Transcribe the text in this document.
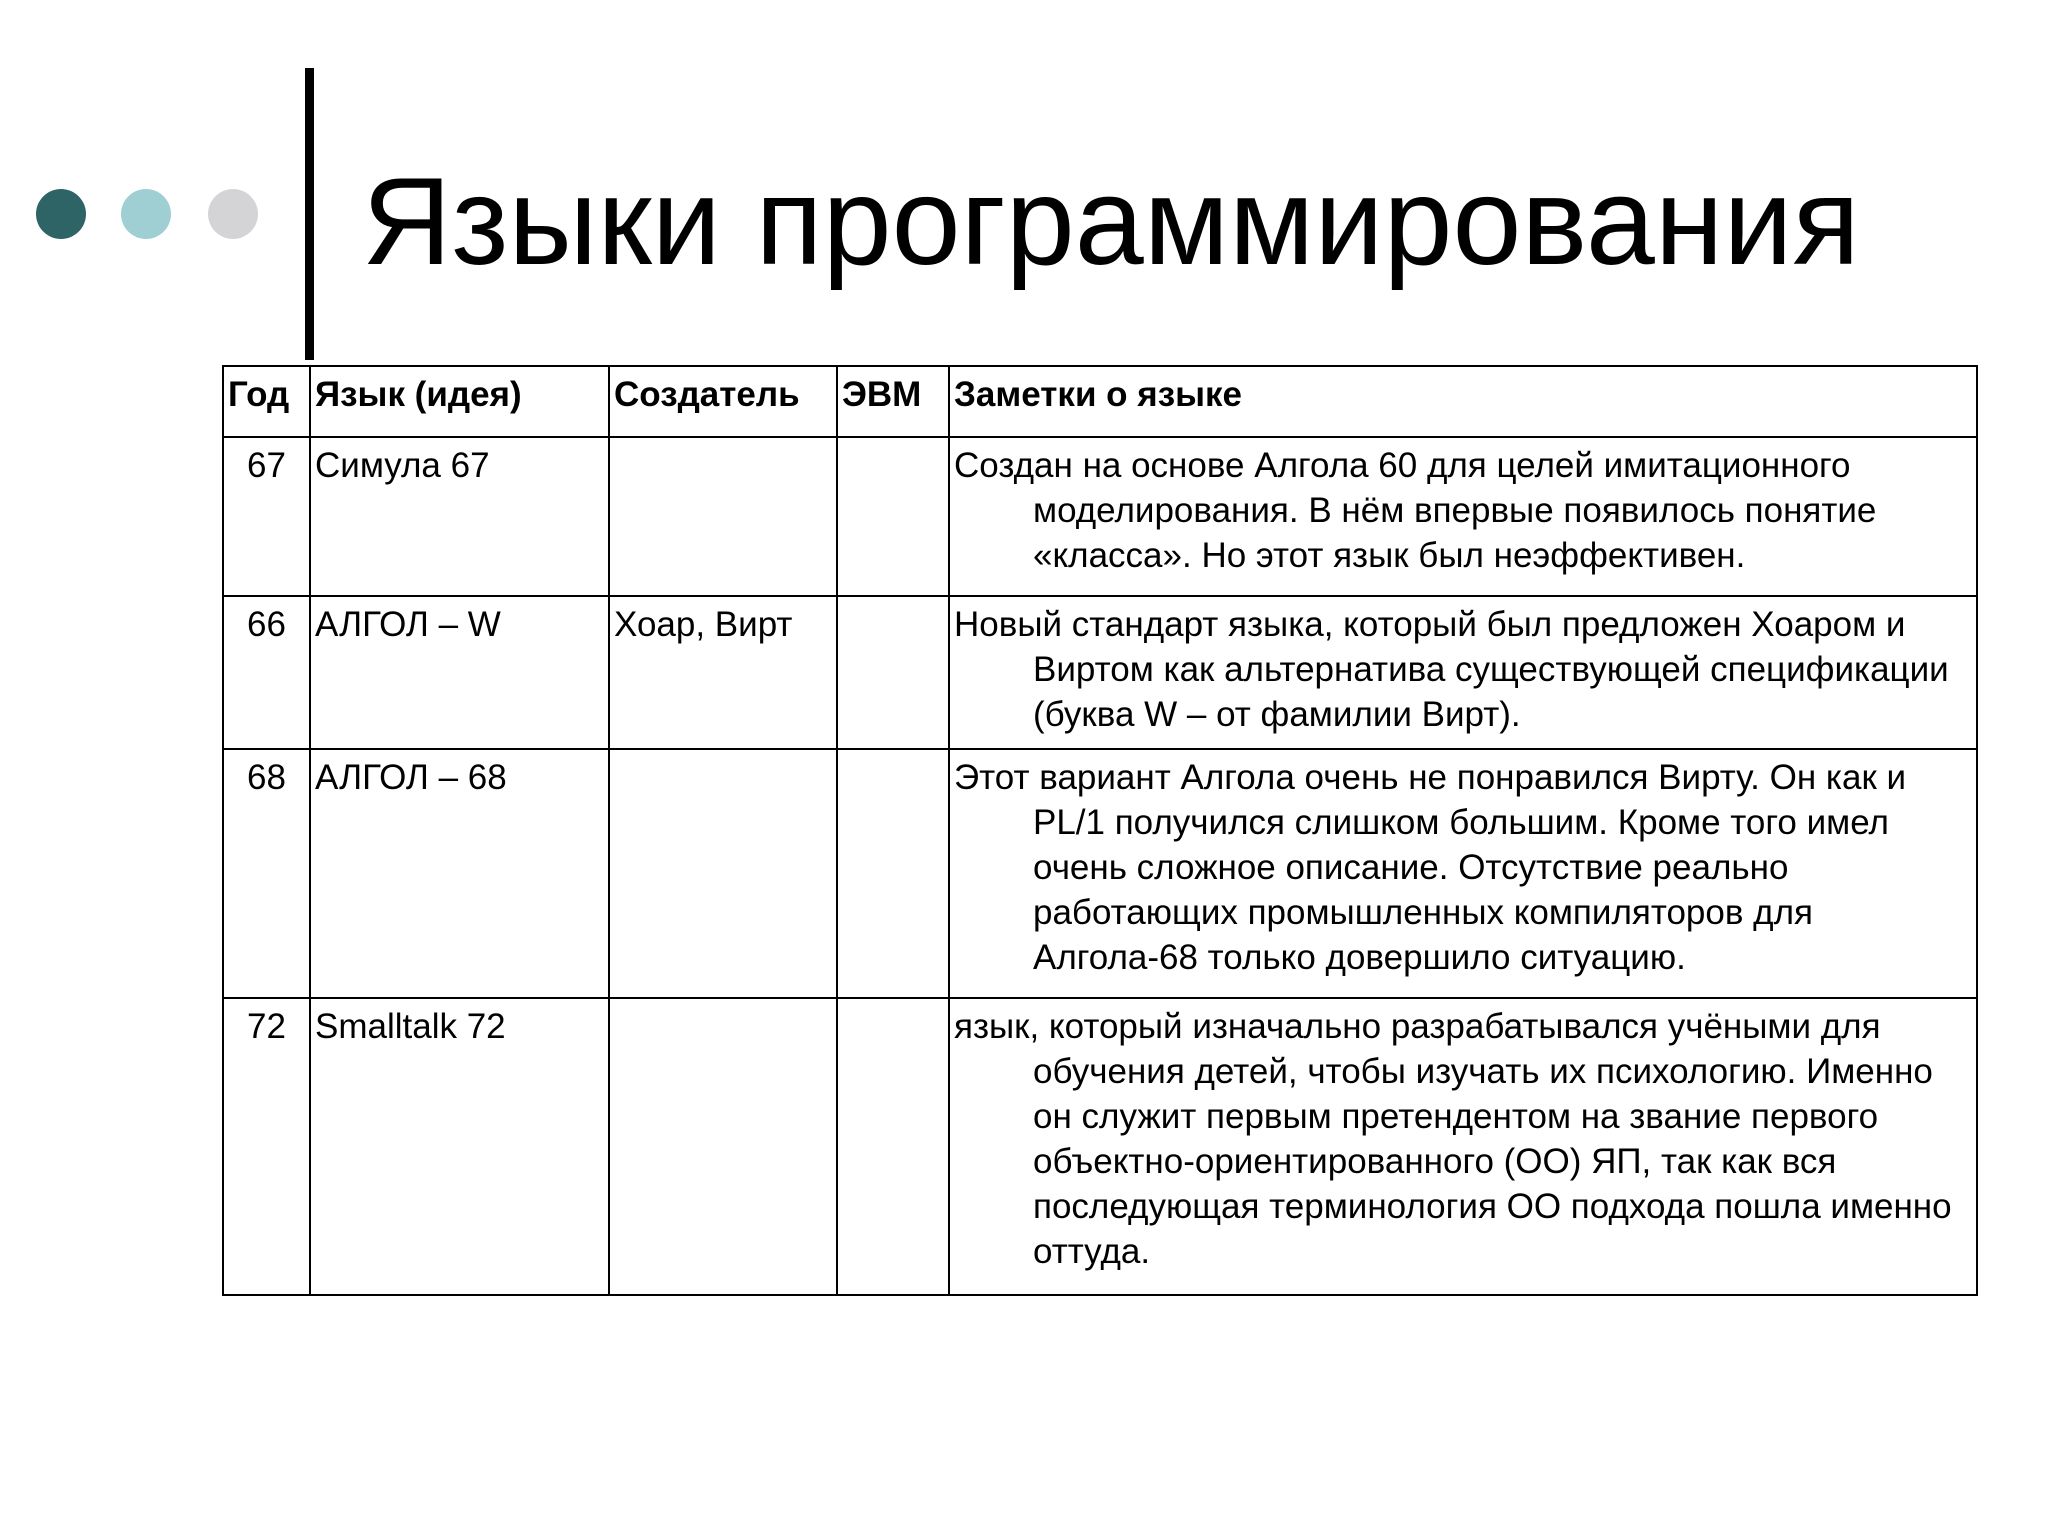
Языки программирования
Год	Язык (идея)	Создатель	ЭВМ	Заметки о языке
67	Симула 67			Создан на основе Алгола 60 для целей имитационного моделирования. В нём впервые появилось понятие «класса». Но этот язык был неэффективен.
66	АЛГОЛ – W	Хоар, Вирт		Новый стандарт языка, который был предложен Хоаром и Виртом как альтернатива существующей спецификации (буква W – от фамилии Вирт).
68	АЛГОЛ – 68			Этот вариант Алгола очень не понравился Вирту. Он как и PL/1 получился слишком большим. Кроме того имел очень сложное описание. Отсутствие реально работающих промышленных компиляторов для Алгола-68 только довершило ситуацию.
72	Smalltalk 72			язык, который изначально разрабатывался учёными для обучения детей, чтобы изучать их психологию. Именно он служит первым претендентом на звание первого объектно-ориентированного (ОО) ЯП, так как вся последующая терминология ОО подхода пошла именно оттуда.
